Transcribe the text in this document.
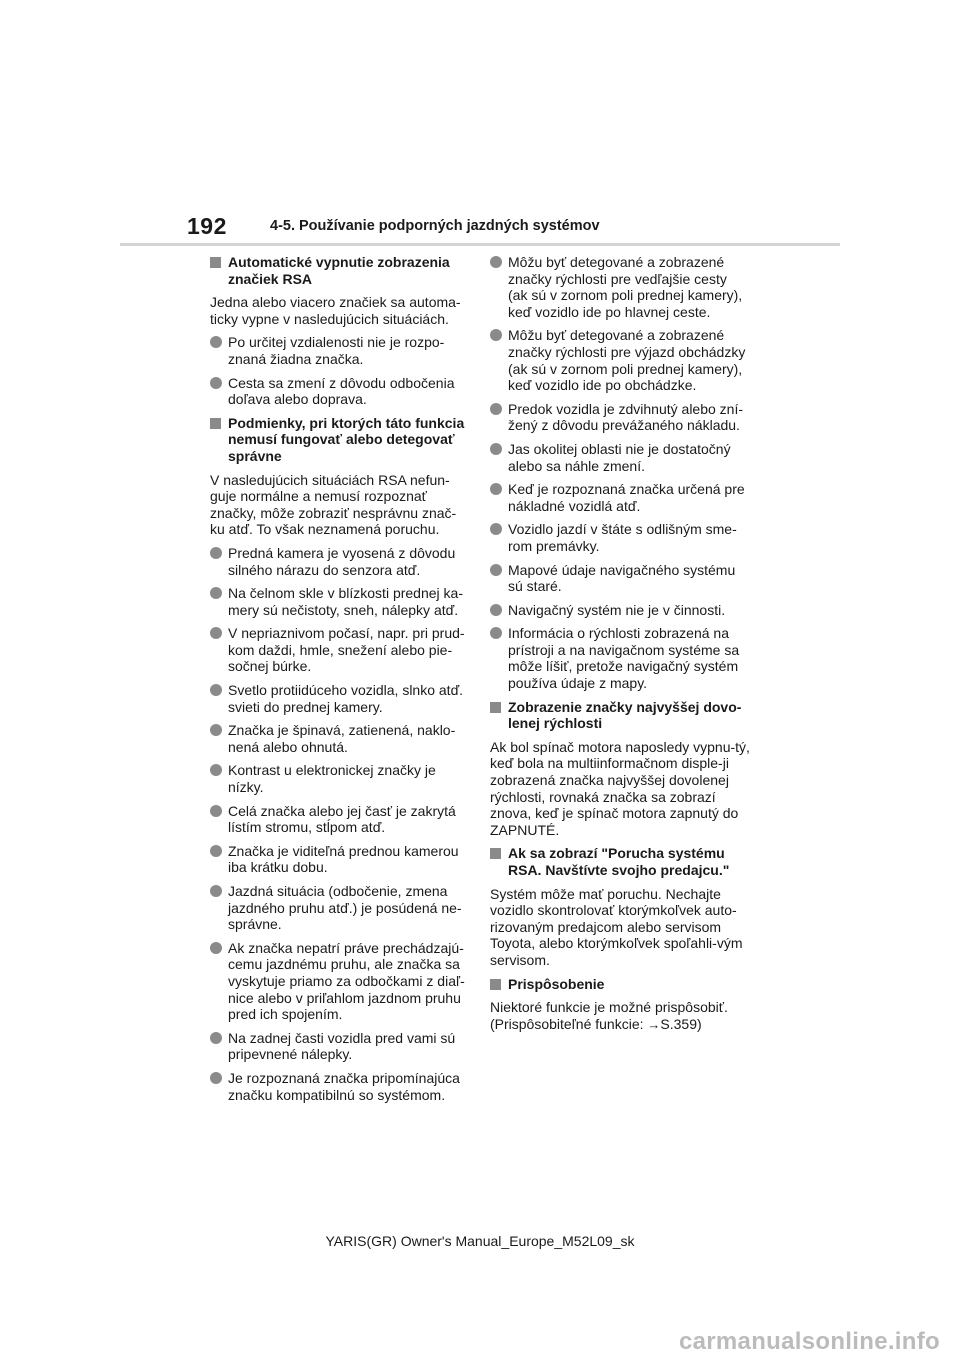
192	4-5. Používanie podporných jazdných systémov
Automatické vypnutie zobrazenia značiek RSA
Jedna alebo viacero značiek sa automa-ticky vypne v nasledujúcich situáciách.
Po určitej vzdialenosti nie je rozpo-znaná žiadna značka.
Cesta sa zmení z dôvodu odbočenia doľava alebo doprava.
Podmienky, pri ktorých táto funkcia nemusí fungovať alebo detegovať správne
V nasledujúcich situáciách RSA nefun-guje normálne a nemusí rozpoznať značky, môže zobraziť nesprávnu znač-ku atď. To však neznamená poruchu.
Predná kamera je vyosená z dôvodu silného nárazu do senzora atď.
Na čelnom skle v blízkosti prednej ka-mery sú nečistoty, sneh, nálepky atď.
V nepriaznivom počasí, napr. pri prud-kom daždi, hmle, snežení alebo pie-sočnej búrke.
Svetlo protiidúceho vozidla, slnko atď. svieti do prednej kamery.
Značka je špinavá, zatienená, naklo-nená alebo ohnutá.
Kontrast u elektronickej značky je nízky.
Celá značka alebo jej časť je zakrytá lístím stromu, stĺpom atď.
Značka je viditeľná prednou kamerou iba krátku dobu.
Jazdná situácia (odbočenie, zmena jazdného pruhu atď.) je posúdená ne-správne.
Ak značka nepatrí práve prechádzajú-cemu jazdnému pruhu, ale značka sa vyskytuje priamo za odbočkami z diaľ-nice alebo v priľahlom jazdnom pruhu pred ich spojením.
Na zadnej časti vozidla pred vami sú pripevnené nálepky.
Je rozpoznaná značka pripomínajúca značku kompatibilnú so systémom.
Môžu byť detegované a zobrazené značky rýchlosti pre vedľajšie cesty (ak sú v zornom poli prednej kamery), keď vozidlo ide po hlavnej ceste.
Môžu byť detegované a zobrazené značky rýchlosti pre výjazd obchádzky (ak sú v zornom poli prednej kamery), keď vozidlo ide po obchádzke.
Predok vozidla je zdvihnutý alebo zní-žený z dôvodu prevážaného nákladu.
Jas okolitej oblasti nie je dostatočný alebo sa náhle zmení.
Keď je rozpoznaná značka určená pre nákladné vozidlá atď.
Vozidlo jazdí v štáte s odlišným sme-rom premávky.
Mapové údaje navigačného systému sú staré.
Navigačný systém nie je v činnosti.
Informácia o rýchlosti zobrazená na prístroji a na navigačnom systéme sa môže líšiť, pretože navigačný systém používa údaje z mapy.
Zobrazenie značky najvyššej dovo-lenej rýchlosti
Ak bol spínač motora naposledy vypnu-tý, keď bola na multiinformačnom disple-ji zobrazená značka najvyššej dovolenej rýchlosti, rovnaká značka sa zobrazí znova, keď je spínač motora zapnutý do ZAPNUTÉ.
Ak sa zobrazí "Porucha systému RSA. Navštívte svojho predajcu."
Systém môže mať poruchu. Nechajte vozidlo skontrolovať ktorýmkoľvek auto-rizovaným predajcom alebo servisom Toyota, alebo ktorýmkoľvek spoľahli-vým servisom.
Prispôsobenie
Niektoré funkcie je možné prispôsobiť.
(Prispôsobiteľné funkcie: →S.359)
YARIS(GR) Owner's Manual_Europe_M52L09_sk
carmanualsonline.info
